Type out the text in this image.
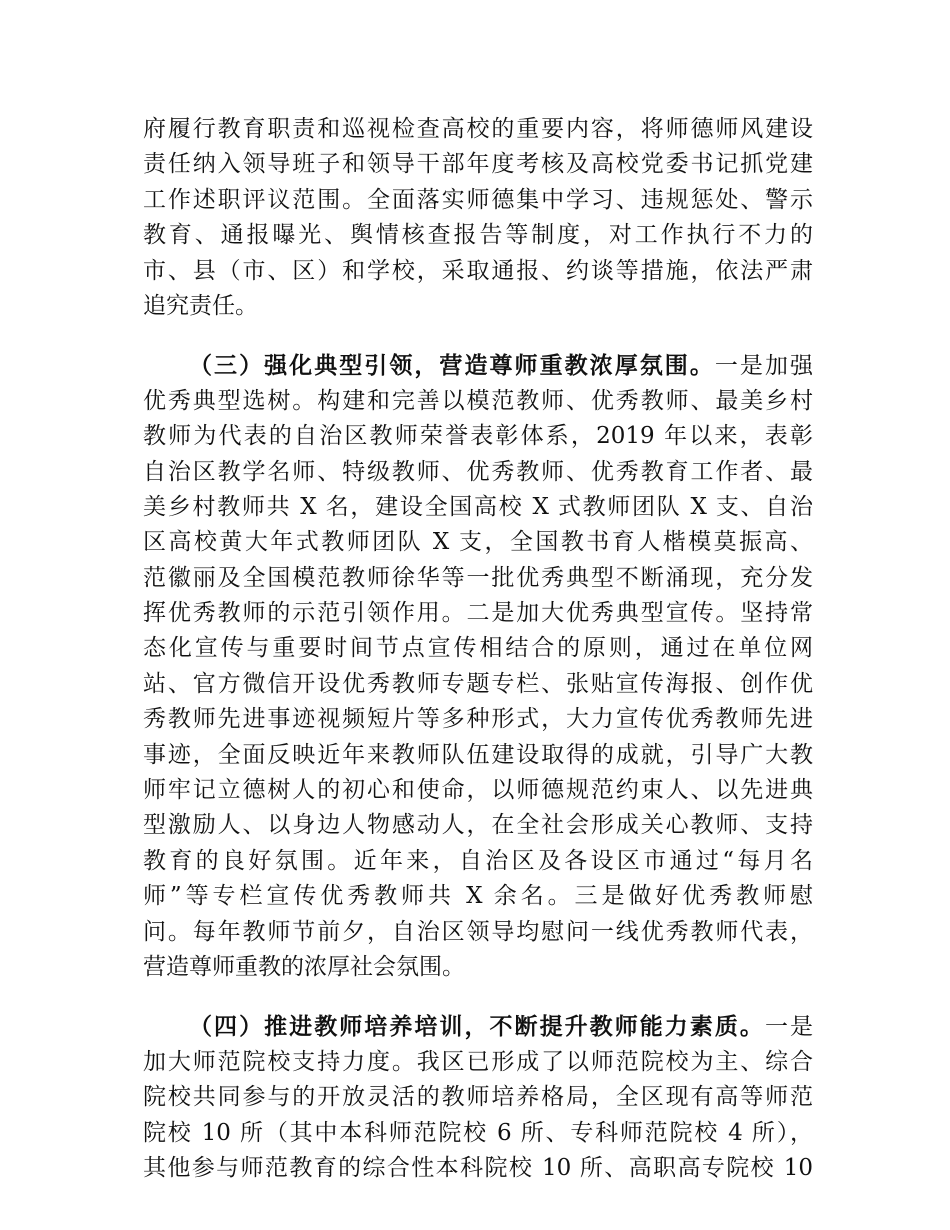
府履行教育职责和巡视检查高校的重要内容，将师德师风建设
责任纳入领导班子和领导干部年度考核及高校党委书记抓党建
工作述职评议范围。全面落实师德集中学习、违规惩处、警示
教育、通报曝光、舆情核查报告等制度，对工作执行不力的
市、县（市、区）和学校，采取通报、约谈等措施，依法严肃
追究责任。
（三）强化典型引领，营造尊师重教浓厚氛围。一是加强
优秀典型选树。构建和完善以模范教师、优秀教师、最美乡村
教师为代表的自治区教师荣誉表彰体系，2019 年以来，表彰
自治区教学名师、特级教师、优秀教师、优秀教育工作者、最
美乡村教师共 X 名，建设全国高校 X 式教师团队 X 支、自治
区高校黄大年式教师团队 X 支，全国教书育人楷模莫振高、
范徽丽及全国模范教师徐华等一批优秀典型不断涌现，充分发
挥优秀教师的示范引领作用。二是加大优秀典型宣传。坚持常
态化宣传与重要时间节点宣传相结合的原则，通过在单位网
站、官方微信开设优秀教师专题专栏、张贴宣传海报、创作优
秀教师先进事迹视频短片等多种形式，大力宣传优秀教师先进
事迹，全面反映近年来教师队伍建设取得的成就，引导广大教
师牢记立德树人的初心和使命，以师德规范约束人、以先进典
型激励人、以身边人物感动人，在全社会形成关心教师、支持
教育的良好氛围。近年来，自治区及各设区市通过“每月名
师”等专栏宣传优秀教师共 X 余名。三是做好优秀教师慰
问。每年教师节前夕，自治区领导均慰问一线优秀教师代表，
营造尊师重教的浓厚社会氛围。
（四）推进教师培养培训，不断提升教师能力素质。一是
加大师范院校支持力度。我区已形成了以师范院校为主、综合
院校共同参与的开放灵活的教师培养格局，全区现有高等师范
院校 10 所（其中本科师范院校 6 所、专科师范院校 4 所），
其他参与师范教育的综合性本科院校 10 所、高职高专院校 10
